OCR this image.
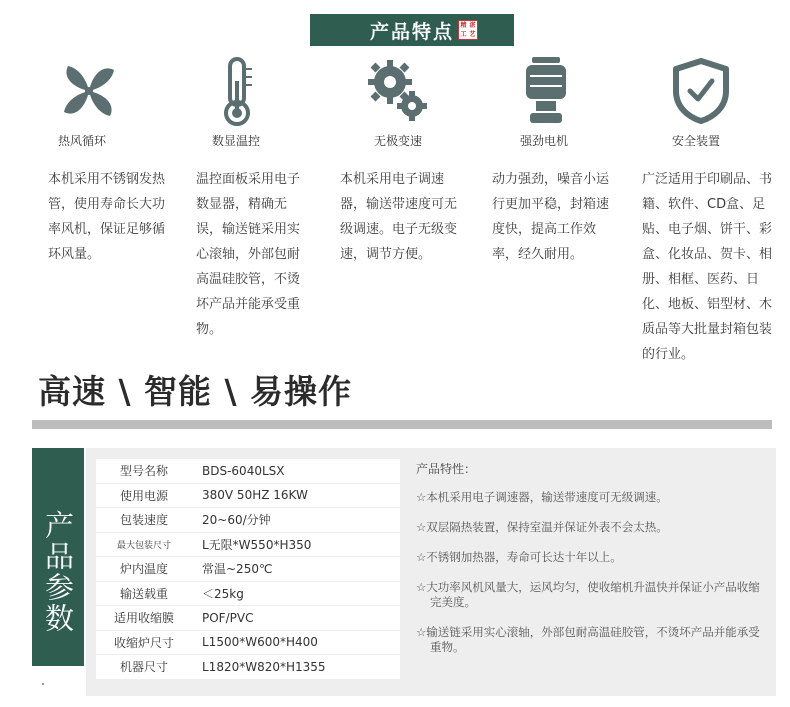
产品特点 精 湛
工 艺
热风循环
本机采用不锈钢发热管，使用寿命长大功率风机，保证足够循环风量。
数显温控
温控面板采用电子数显器，精确无误，输送链采用实心滚轴，外部包耐高温硅胶管，不烫坏产品并能承受重物。
无极变速
本机采用电子调速器，输送带速度可无级调速。电子无级变速，调节方便。
强劲电机
动力强劲，噪音小运行更加平稳，封箱速度快，提高工作效率，经久耐用。
安全装置
广泛适用于印刷品、书籍、软件、CD盒、足贴、电子烟、饼干、彩盒、化妆品、贺卡、相册、相框、医药、日化、地板、铝型材、木质品等大批量封箱包装的行业。
高速 \ 智能 \ 易操作
产品参数
型号名称	BDS-6040LSX
使用电源	380V 50HZ 16KW
包装速度	20~60/分钟
最大包装尺寸	L无限*W550*H350
炉内温度	常温~250℃
输送载重	＜25kg
适用收缩膜	POF/PVC
收缩炉尺寸	L1500*W600*H400
机器尺寸	L1820*W820*H1355
产品特性：
☆本机采用电子调速器，输送带速度可无级调速。
☆双层隔热装置，保持室温并保证外表不会太热。
☆不锈钢加热器，寿命可长达十年以上。
☆大功率风机风量大，运风均匀，使收缩机升温快并保证小产品收缩完美度。
☆输送链采用实心滚轴，外部包耐高温硅胶管，不烫坏产品并能承受重物。
